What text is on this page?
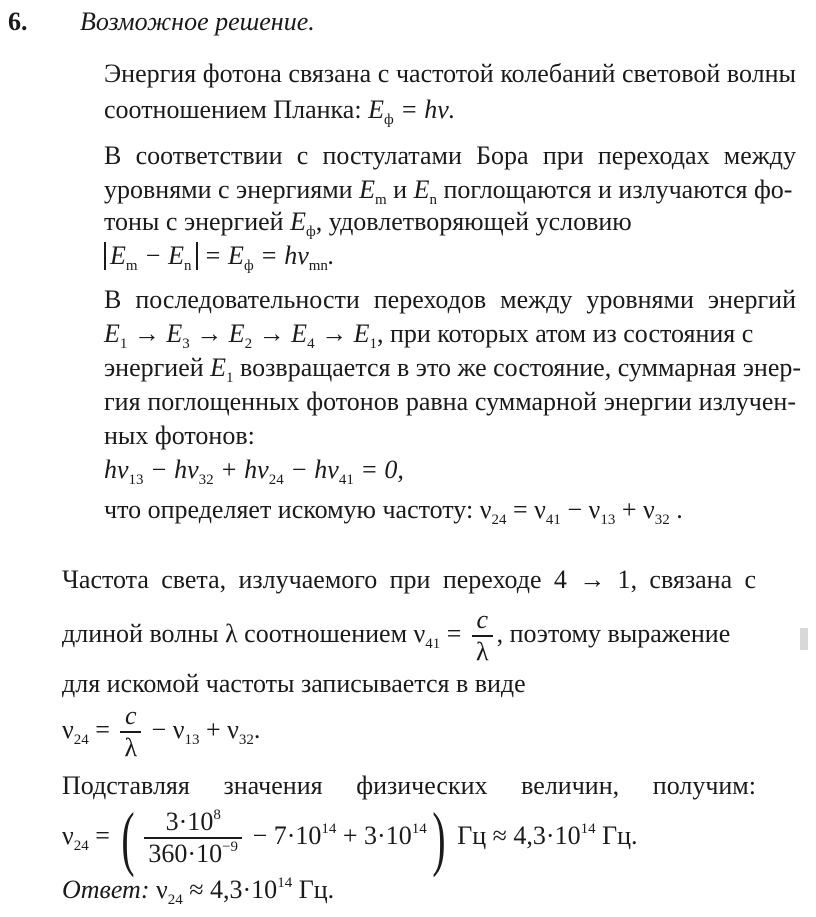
6. Возможное решение.
Энергия фотона связана с частотой колебаний световой волны
соотношением Планка: $E_ф = h\nu$.
В соответствии с постулатами Бора при переходах между
уровнями с энергиями $E_m$ и $E_n$ поглощаются и излучаются фо-
тоны с энергией $E_ф$, удовлетворяющей условию
$E_m - E_n = E_ф = h\nu_{mn}$.
В последовательности переходов между уровнями энергий
$E_1 \to E_3 \to E_2 \to E_4 \to E_1$, при которых атом из состояния с
энергией $E_1$ возвращается в это же состояние, суммарная энер-
гия поглощенных фотонов равна суммарной энергии излучен-
ных фотонов:
$h\nu_{13} - h\nu_{32} + h\nu_{24} - h\nu_{41} = 0$,
что определяет искомую частоту: $\nu_{24} = \nu_{41} - \nu_{13} + \nu_{32}$ .
Частота света, излучаемого при переходе 4 → 1, связана с
длиной волны λ соотношением $\nu_{41} = \frac{c}{\lambda}$ , поэтому выражение
для искомой частоты записывается в виде
$\nu_{24} = \frac{c}{\lambda} - \nu_{13} + \nu_{32}$.
Подставляя значения физических величин, получим:
$\nu_{24}$ = ( $\frac{3\cdot 10^8}{360\cdot 10^{-9}} - 7\cdot 10^{14} + 3\cdot 10^{14}$) Гц ≈ $4,3\cdot 10^{14}$ Гц.
Ответ: $\nu_{24} \approx 4,3\cdot 10^{14}$ Гц.
